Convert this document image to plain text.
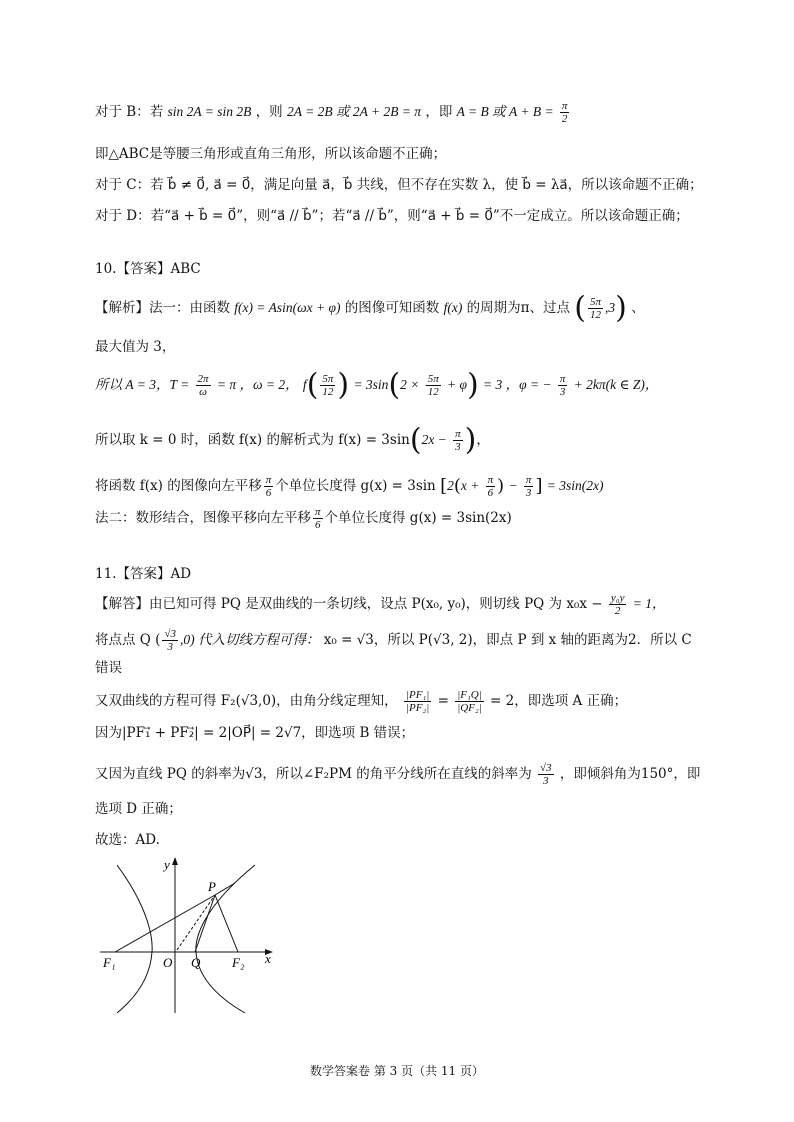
对于 B：若 sin 2A = sin 2B ，则 2A = 2B 或 2A + 2B = π ，即 A = B 或 $A + B = \frac{\pi}{2}$
即△ABC是等腰三角形或直角三角形，所以该命题不正确；
对于 C：若 b⃗ ≠ 0⃗, a⃗ = 0⃗，满足向量 a⃗，b⃗ 共线，但不存在实数 λ，使 b⃗ = λa⃗，所以该命题不正确；
对于 D：若“a⃗ + b⃗ = 0⃗”，则“a⃗ // b⃗”；若“a⃗ // b⃗”，则“a⃗ + b⃗ = 0⃗”不一定成立。所以该命题正确；
10.【答案】ABC
【解析】法一：由函数 f(x) = Asin(ωx + φ) 的图像可知函数 f(x) 的周期为π、过点 ( $\frac{5\pi}{12} ,3$) 、
最大值为 3，
所以 A = 3，$T = \frac{2\pi}{\omega} = \pi$ ，ω = 2， $f( \frac{5\pi}{12}$ ) = $3\sin(2 \times \frac{5\pi}{12} + \varphi) = 3$ ，φ = − $\frac{\pi}{3} + 2k\pi(k$ ∈ Z)，
所以取 k = 0 时，函数 f(x) 的解析式为 $f(x) = 3\sin(2x - \frac{\pi}{3}$ )，
将函数 f(x) 的图像向左平移 $\frac{\pi}{6}$ 个单位长度得 g(x) = 3sin [$2(x + \frac{\pi}{6}$ ) − $\frac{\pi}{3}$ ] = 3sin(2x)
法二：数形结合，图像平移向左平移 $\frac{\pi}{6}$ 个单位长度得 g(x) = 3sin(2x)
11.【答案】AD
【解答】由已知可得 PQ 是双曲线的一条切线，设点 P(x₀, y₀)，则切线 PQ 为 $x_0x - \frac{\text{y₀y}}{2} = 1$，
将点点 Q ( $\frac{√3}{3} ,0$) 代入切线方程可得： x₀ = √3，所以 P(√3, 2)，即点 P 到 x 轴的距离为2．所以 C
错误
又双曲线的方程可得 F₂(√3,0)，由角分线定理知， $\frac{\text{|PF₁|}}{\text{|PF₂|}} = \frac{\text{|F₁Q|}}{\text{|QF₂|}} = 2$，即选项 A 正确；
因为|PF₁⃗ + PF₂⃗| = 2|OP⃗| = 2√7，即选项 B 错误；
又因为直线 PQ 的斜率为√3，所以∠F₂PM 的角平分线所在直线的斜率为 $\frac{√3}{3}$ ，即倾斜角为150°，即
选项 D 正确；
故选：AD.
y
x
P
F₁	O Q F₂
数学答案卷 第 3 页（共 11 页）
